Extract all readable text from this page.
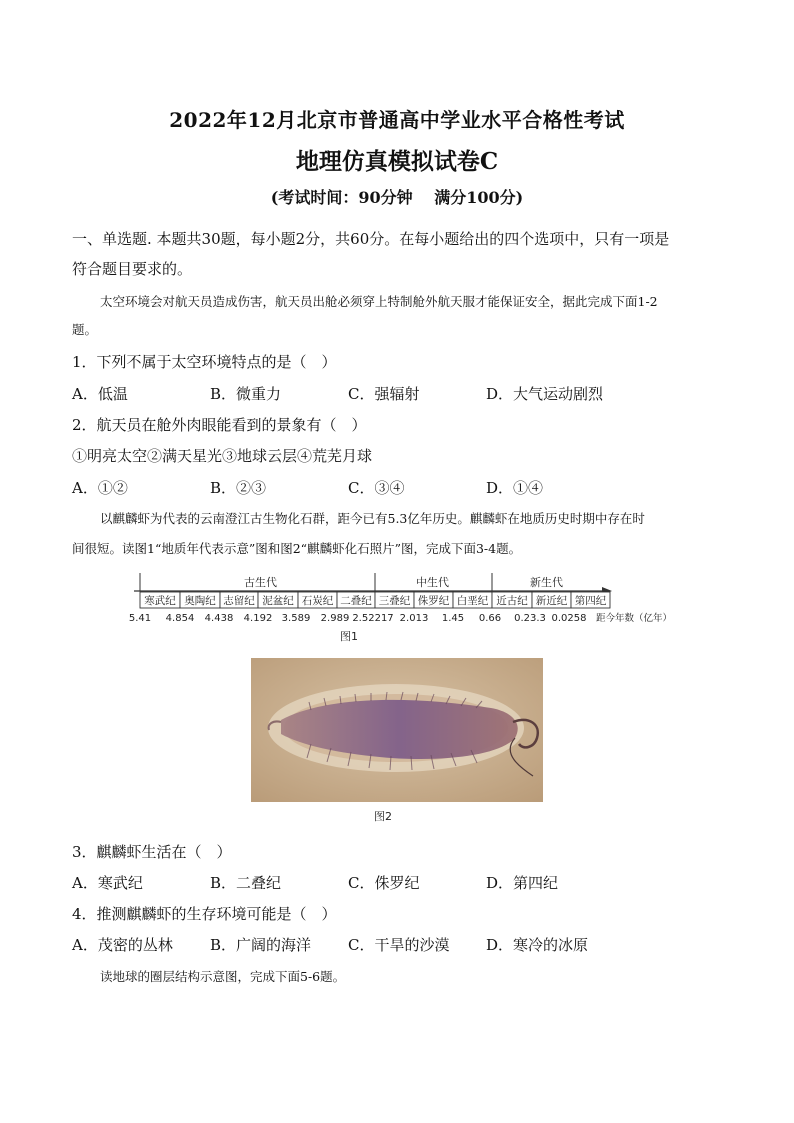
2022年12月北京市普通高中学业水平合格性考试
地理仿真模拟试卷C
(考试时间：90分钟　 满分100分)
一、单选题. 本题共30题，每小题2分，共60分。在每小题给出的四个选项中，只有一项是
符合题目要求的。
太空环境会对航天员造成伤害，航天员出舱必须穿上特制舱外航天服才能保证安全，据此完成下面1-2
题。
1．下列不属于太空环境特点的是（　）
A．低温	B．微重力	C．强辐射	D．大气运动剧烈
2．航天员在舱外肉眼能看到的景象有（　）
①明亮太空②满天星光③地球云层④荒芜月球
A．①②	B．②③	C．③④	D．①④
以麒麟虾为代表的云南澄江古生物化石群，距今已有5.3亿年历史。麒麟虾在地质历史时期中存在时
间很短。读图1“地质年代表示意”图和图2“麒麟虾化石照片”图，完成下面3-4题。
古生代	中生代	新生代
寒武纪 奥陶纪 志留纪 泥盆纪 石炭纪 二叠纪 三叠纪 侏罗纪 白垩纪 近古纪 新近纪 第四纪
距今年数（亿年）
5.41 4.854 4.438 4.192 3.589 2.989 2.52217 2.013 1.45 0.66 0.23.3 0.0258
图1
图2
3．麒麟虾生活在（　）
A．寒武纪	B．二叠纪	C．侏罗纪	D．第四纪
4．推测麒麟虾的生存环境可能是（　）
A．茂密的丛林 B．广阔的海洋 C．干旱的沙漠 D．寒冷的冰原
读地球的圈层结构示意图，完成下面5-6题。
